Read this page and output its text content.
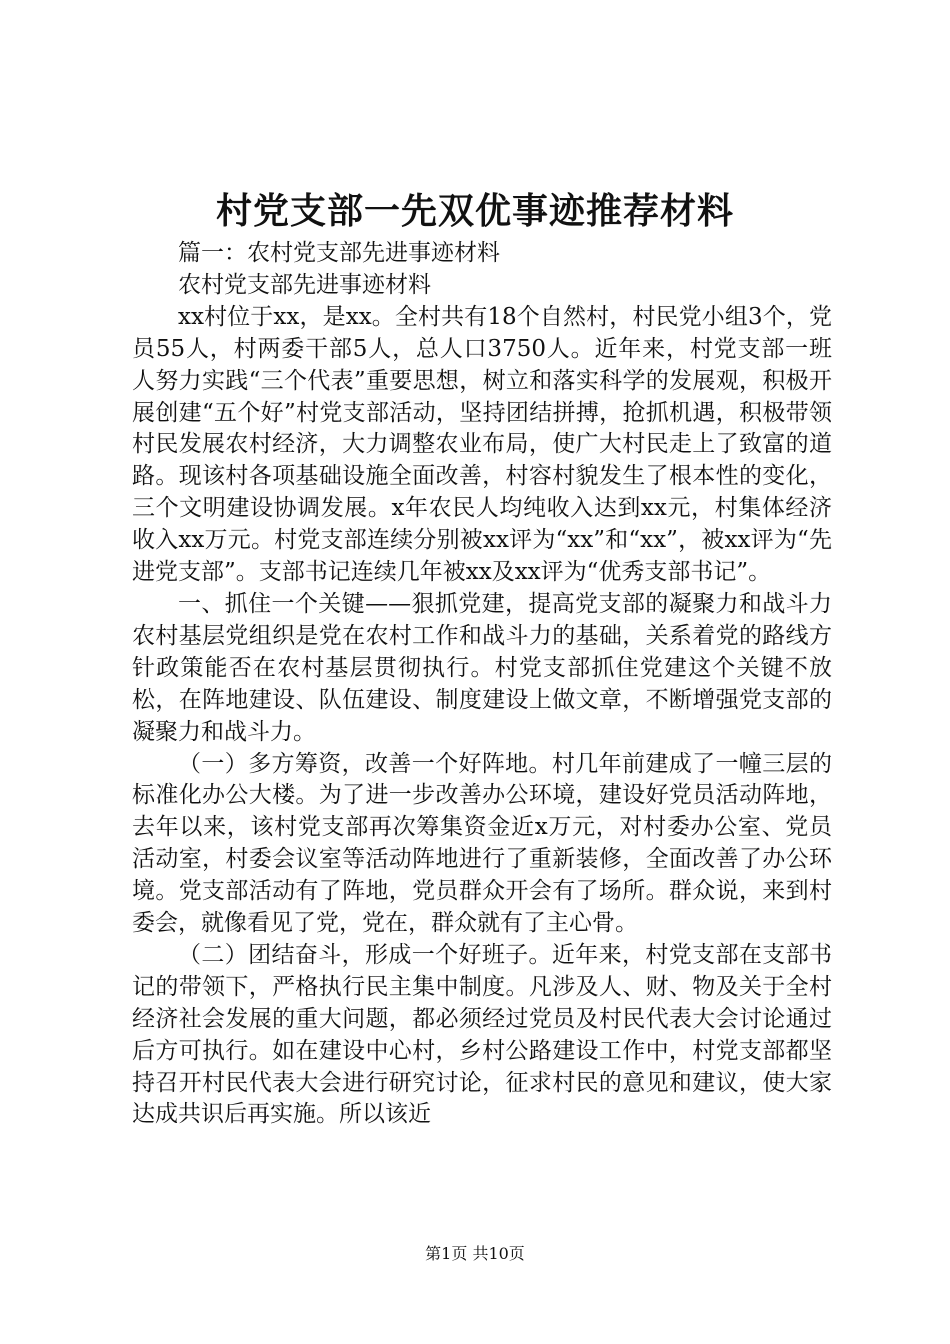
村党支部一先双优事迹推荐材料

篇一：农村党支部先进事迹材料

农村党支部先进事迹材料

xx村位于xx，是xx。全村共有18个自然村，村民党小组3个，党员55人，村两委干部5人，总人口3750人。近年来，村党支部一班人努力实践“三个代表”重要思想，树立和落实科学的发展观，积极开展创建“五个好”村党支部活动，坚持团结拼搏，抢抓机遇，积极带领村民发展农村经济，大力调整农业布局，使广大村民走上了致富的道路。现该村各项基础设施全面改善，村容村貌发生了根本性的变化，三个文明建设协调发展。x年农民人均纯收入达到xx元，村集体经济收入xx万元。村党支部连续分别被xx评为“xx”和“xx”，被xx评为“先进党支部”。支部书记连续几年被xx及xx评为“优秀支部书记”。

一、抓住一个关键——狠抓党建，提高党支部的凝聚力和战斗力农村基层党组织是党在农村工作和战斗力的基础，关系着党的路线方针政策能否在农村基层贯彻执行。村党支部抓住党建这个关键不放松，在阵地建设、队伍建设、制度建设上做文章，不断增强党支部的凝聚力和战斗力。

（一）多方筹资，改善一个好阵地。村几年前建成了一幢三层的标准化办公大楼。为了进一步改善办公环境，建设好党员活动阵地，去年以来，该村党支部再次筹集资金近x万元，对村委办公室、党员活动室，村委会议室等活动阵地进行了重新装修，全面改善了办公环境。党支部活动有了阵地，党员群众开会有了场所。群众说，来到村委会，就像看见了党，党在，群众就有了主心骨。

（二）团结奋斗，形成一个好班子。近年来，村党支部在支部书记的带领下，严格执行民主集中制度。凡涉及人、财、物及关于全村经济社会发展的重大问题，都必须经过党员及村民代表大会讨论通过后方可执行。如在建设中心村，乡村公路建设工作中，村党支部都坚持召开村民代表大会进行研究讨论，征求村民的意见和建议，使大家达成共识后再实施。所以该近

第1页 共10页
